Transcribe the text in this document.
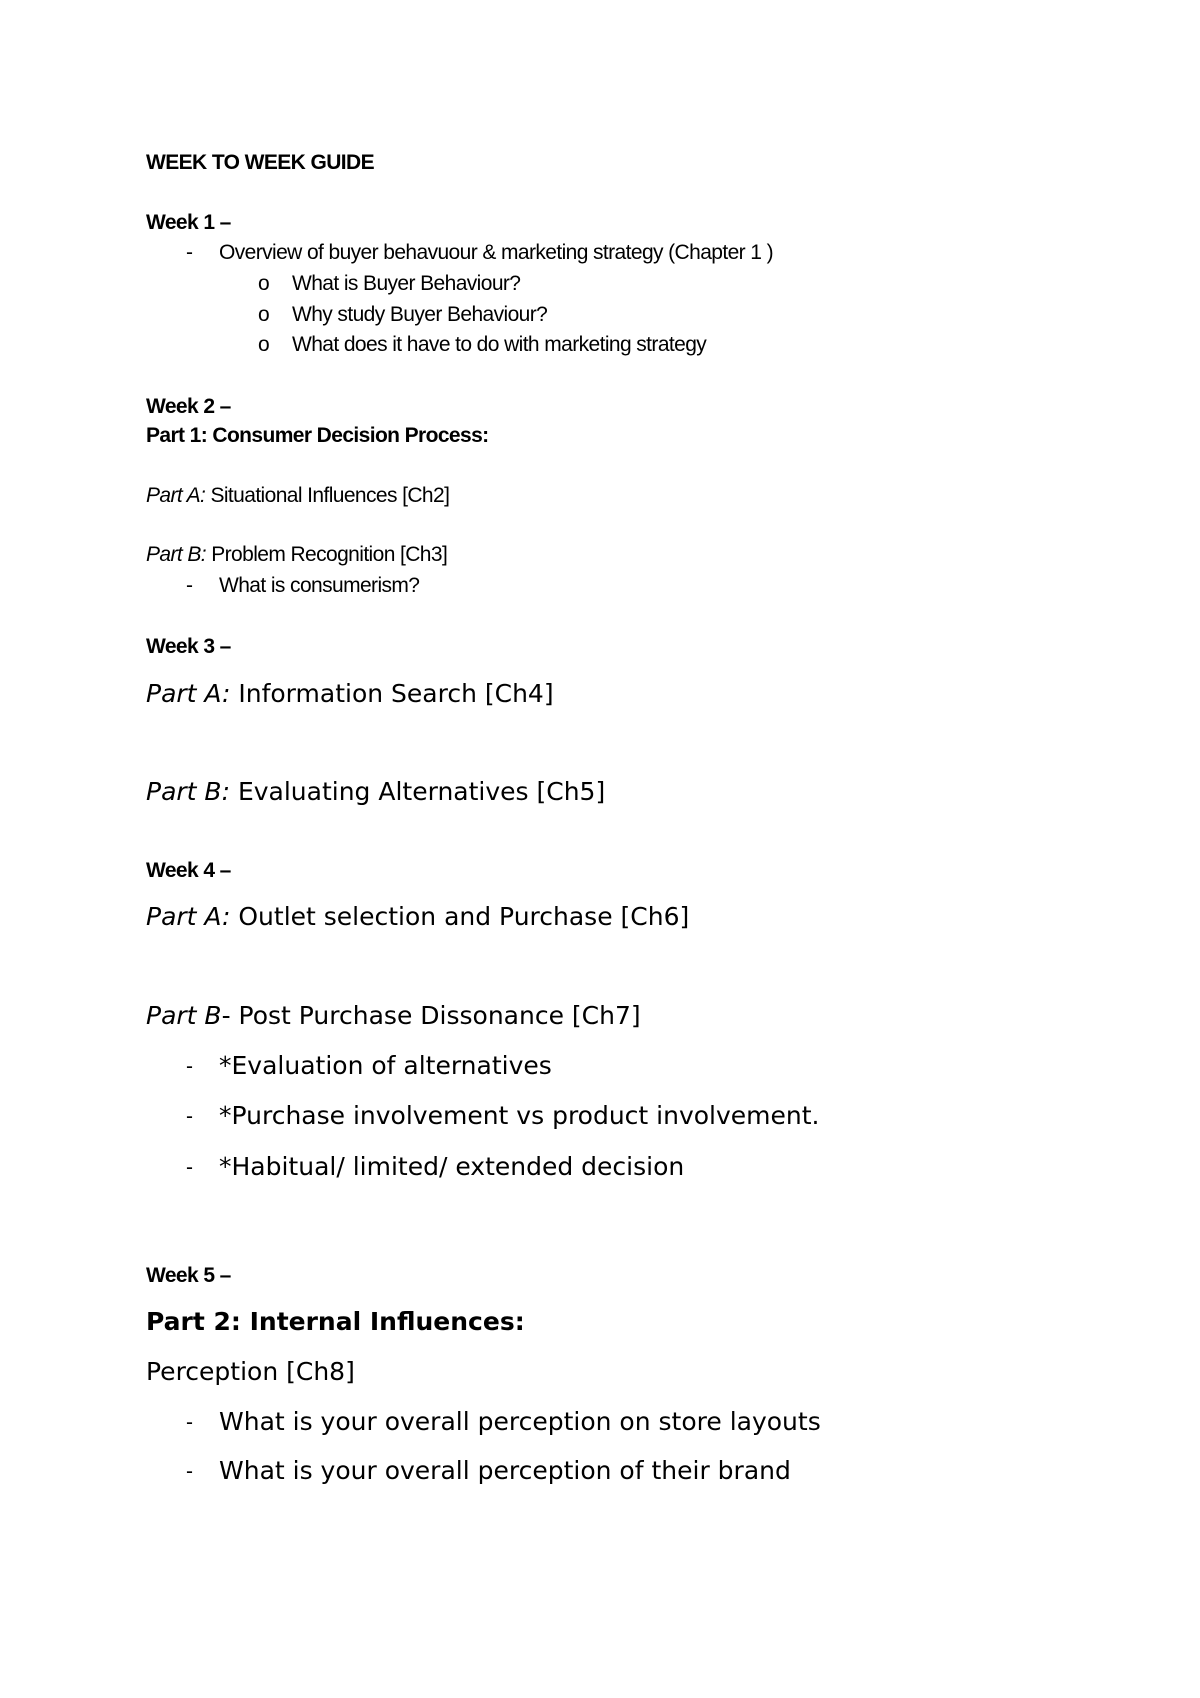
WEEK TO WEEK GUIDE
Week 1 –
- Overview of buyer behavuour & marketing strategy (Chapter 1 )
o What is Buyer Behaviour?
o Why study Buyer Behaviour?
o What does it have to do with marketing strategy
Week 2 –
Part 1: Consumer Decision Process:
Part A: Situational Influences [Ch2]
Part B: Problem Recognition [Ch3]
- What is consumerism?
Week 3 –
Part A: Information Search [Ch4]
Part B: Evaluating Alternatives [Ch5]
Week 4 –
Part A: Outlet selection and Purchase [Ch6]
Part B- Post Purchase Dissonance [Ch7]
- *Evaluation of alternatives
- *Purchase involvement vs product involvement.
- *Habitual/ limited/ extended decision
Week 5 –
Part 2: Internal Influences:
Perception [Ch8]
- What is your overall perception on store layouts
- What is your overall perception of their brand
